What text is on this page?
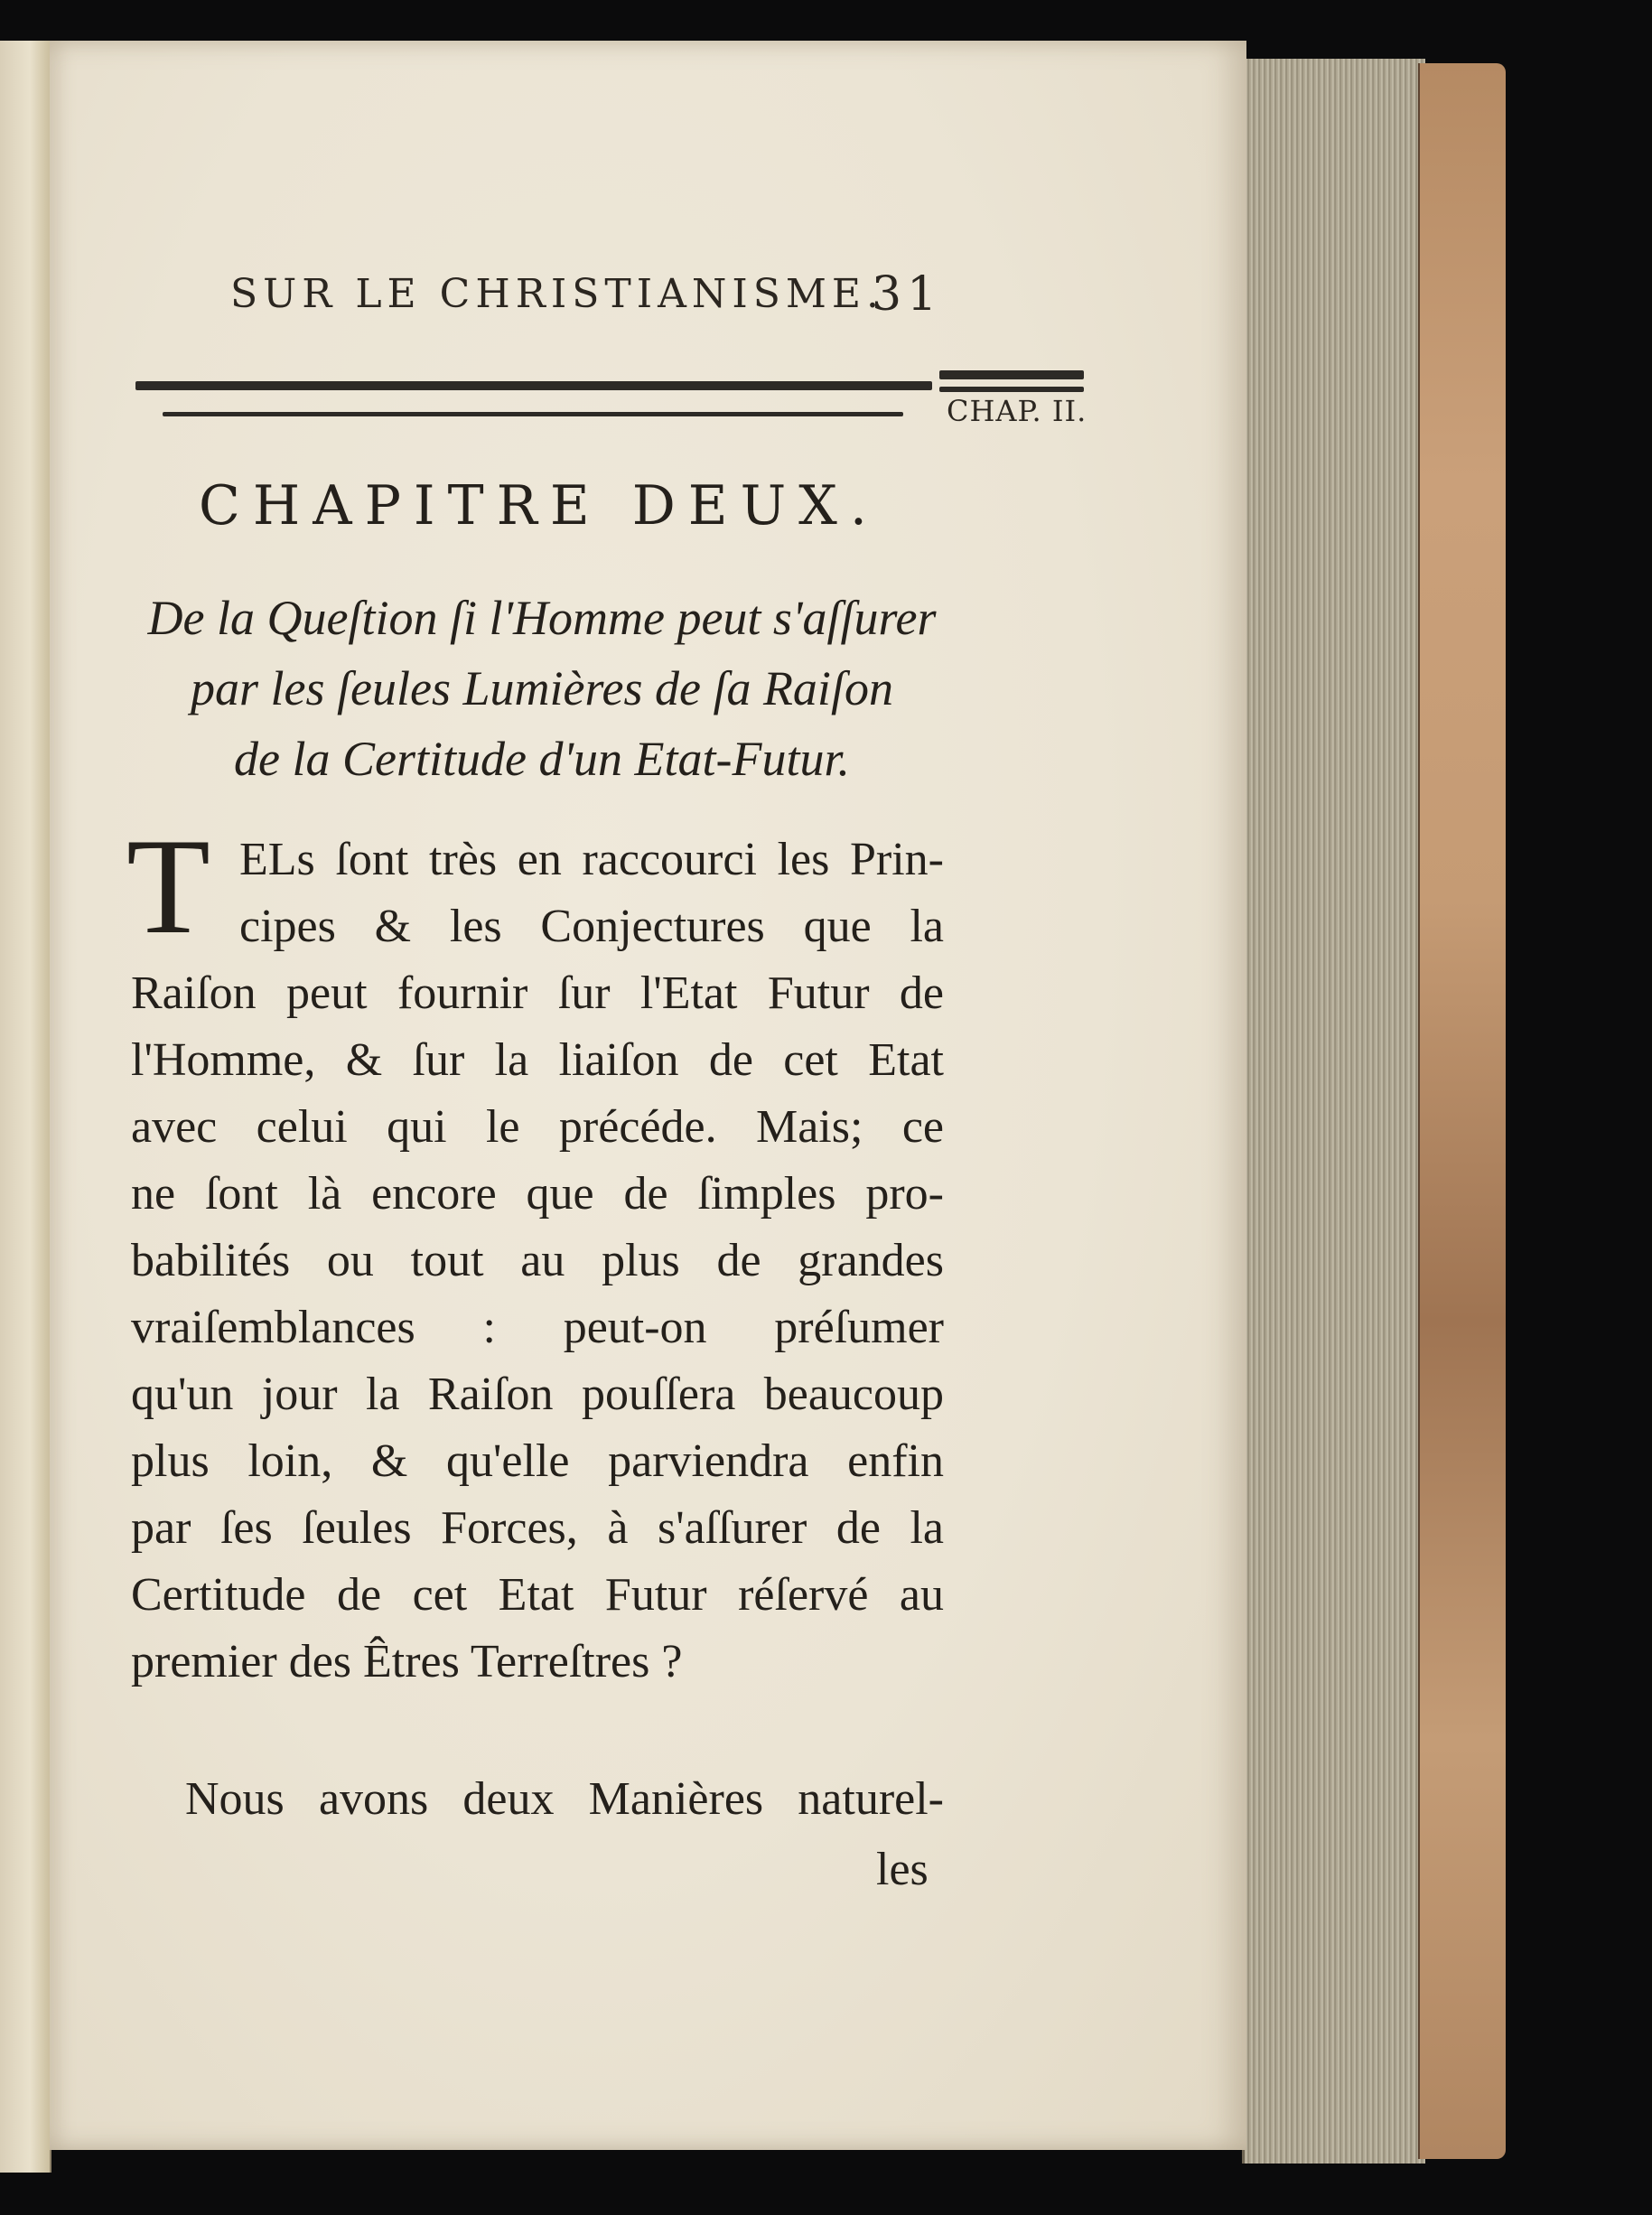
SUR LE CHRISTIANISME.
31
CHAP. II.
CHAPITRE DEUX.
De la Queſtion ſi l'Homme peut s'aſſurer
par les ſeules Lumières de ſa Raiſon
de la Certitude d'un Etat-Futur.
T ELs ſont très en raccourci les Prin-
cipes & les Conjectures que la
Raiſon peut fournir ſur l'Etat Futur de
l'Homme, & ſur la liaiſon de cet Etat
avec celui qui le précéde. Mais; ce
ne ſont là encore que de ſimples pro-
babilités ou tout au plus de grandes
vraiſemblances : peut-on préſumer
qu'un jour la Raiſon pouſſera beaucoup
plus loin, & qu'elle parviendra enfin
par ſes ſeules Forces, à s'aſſurer de la
Certitude de cet Etat Futur réſervé au
premier des Êtres Terreſtres ?
Nous avons deux Manières naturel-
les
